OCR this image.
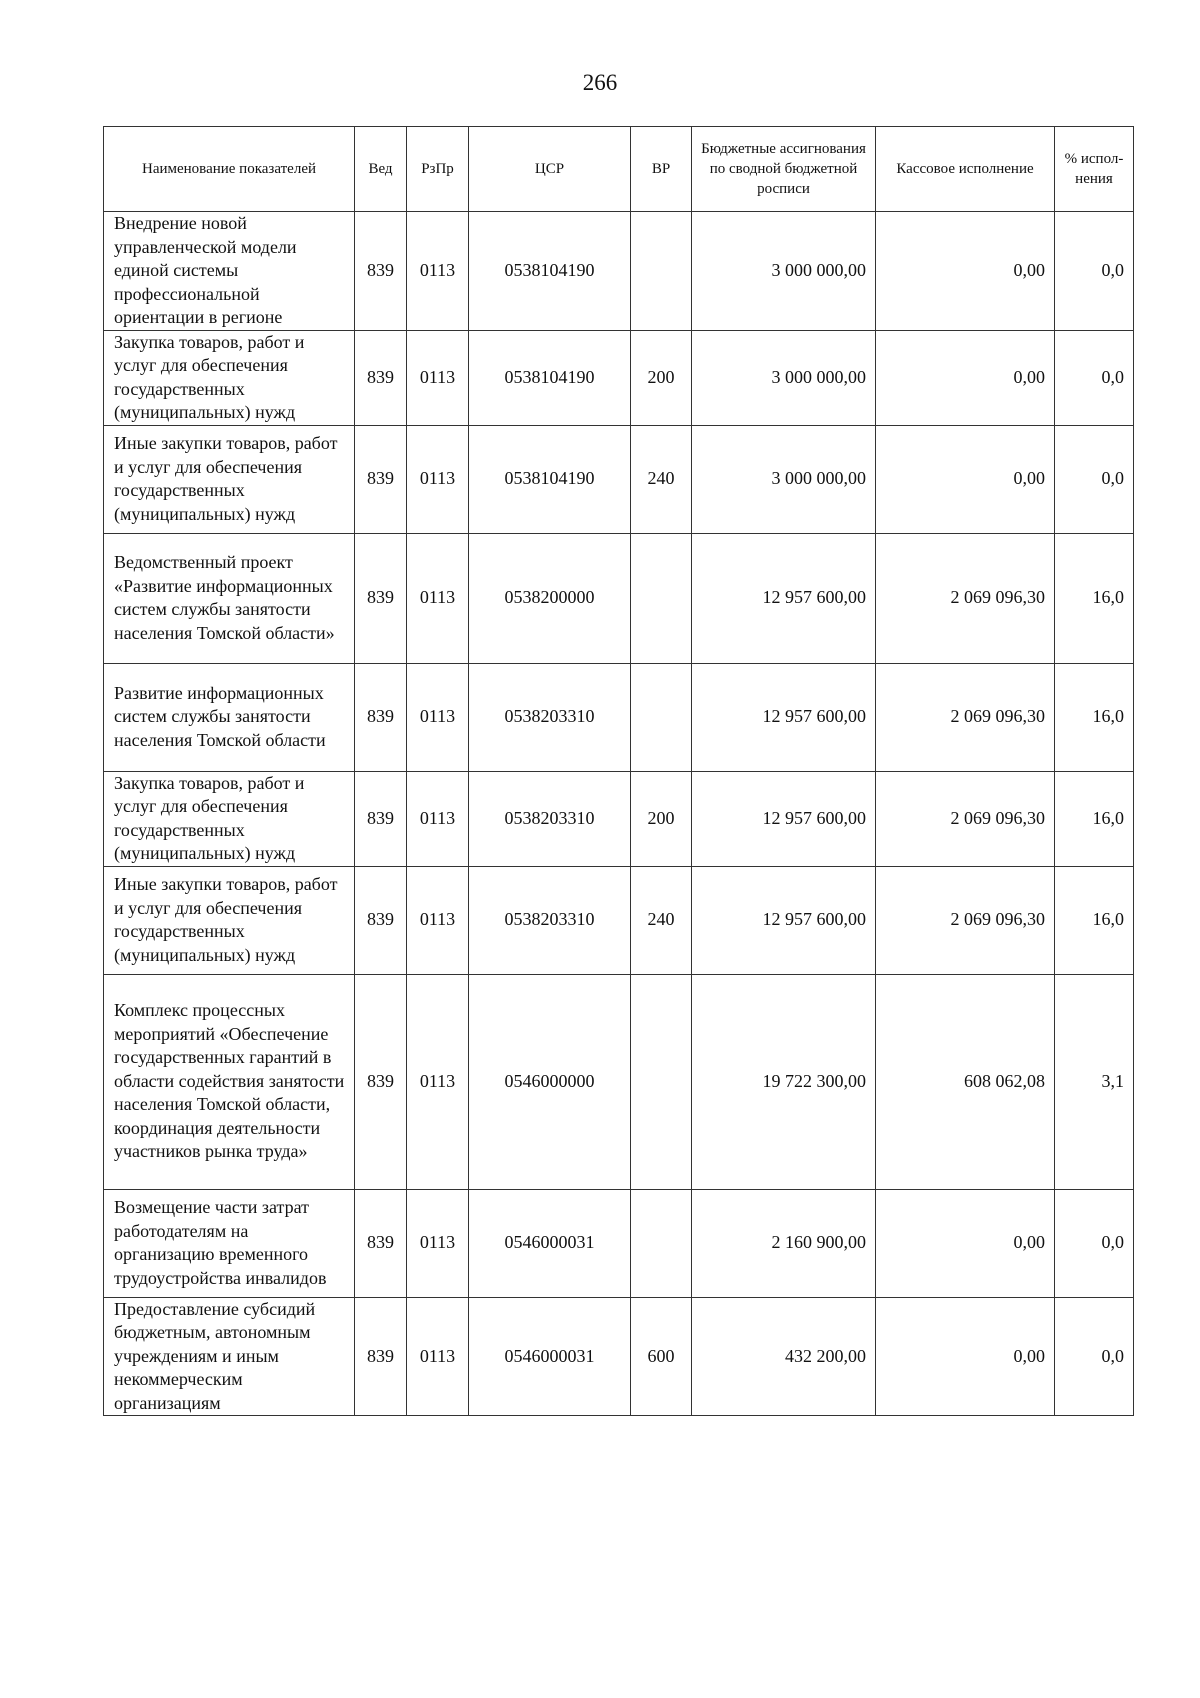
266
Наименование показателей	Вед	РзПр	ЦСР	ВР	Бюджетные ассигнования по сводной бюджетной росписи	Кассовое исполнение	% испол-нения
Внедрение новой управленческой модели единой системы профессиональной ориентации в регионе	839	0113	0538104190		3 000 000,00	0,00	0,0
Закупка товаров, работ и услуг для обеспечения государственных (муниципальных) нужд	839	0113	0538104190	200	3 000 000,00	0,00	0,0
Иные закупки товаров, работ и услуг для обеспечения государственных (муниципальных) нужд	839	0113	0538104190	240	3 000 000,00	0,00	0,0
Ведомственный проект «Развитие информационных систем службы занятости населения Томской области»	839	0113	0538200000		12 957 600,00	2 069 096,30	16,0
Развитие информационных систем службы занятости населения Томской области	839	0113	0538203310		12 957 600,00	2 069 096,30	16,0
Закупка товаров, работ и услуг для обеспечения государственных (муниципальных) нужд	839	0113	0538203310	200	12 957 600,00	2 069 096,30	16,0
Иные закупки товаров, работ и услуг для обеспечения государственных (муниципальных) нужд	839	0113	0538203310	240	12 957 600,00	2 069 096,30	16,0
Комплекс процессных мероприятий «Обеспечение государственных гарантий в области содействия занятости населения Томской области, координация деятельности участников рынка труда»	839	0113	0546000000		19 722 300,00	608 062,08	3,1
Возмещение части затрат работодателям на организацию временного трудоустройства инвалидов	839	0113	0546000031		2 160 900,00	0,00	0,0
Предоставление субсидий бюджетным, автономным учреждениям и иным некоммерческим организациям	839	0113	0546000031	600	432 200,00	0,00	0,0
